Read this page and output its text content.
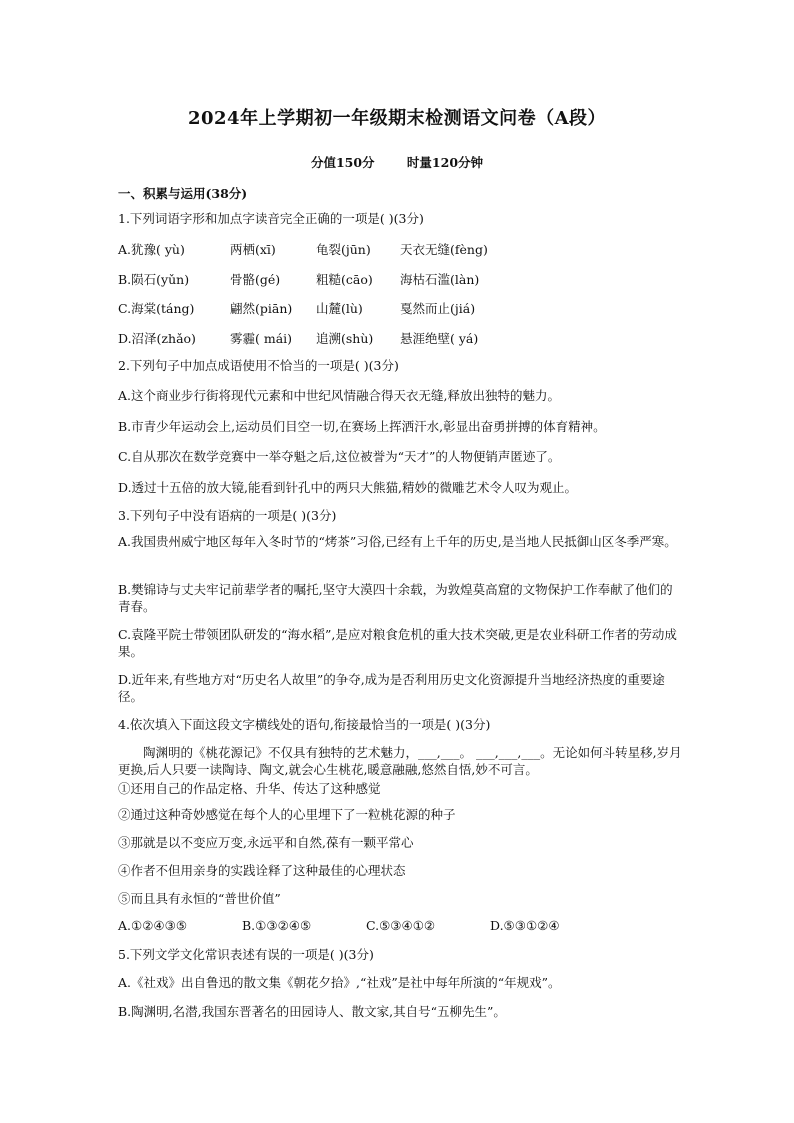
2024年上学期初一年级期末检测语文问卷（A段）
分值150分	时量120分钟
一、积累与运用(38分)
1.下列词语字形和加点字读音完全正确的一项是( )(3分)
A.犹豫( yù)	两栖(xī)	龟裂(jūn) 天衣无缝(fèng)
B.陨石(yǔn)	骨骼(gé)	粗糙(cāo) 海枯石滥(làn)
C.海棠(táng)	翩然(piān) 山麓(lù)	戛然而止(jiá)
D.沼泽(zhǎo)	雾霾( mái) 追溯(shù) 悬涯绝壁( yá)
2.下列句子中加点成语使用不恰当的一项是( )(3分)
A.这个商业步行街将现代元素和中世纪风情融合得天衣无缝,释放出独特的魅力。
B.市青少年运动会上,运动员们目空一切,在赛场上挥洒汗水,彰显出奋勇拼搏的体育精神。
C.自从那次在数学竞赛中一举夺魁之后,这位被誉为“天才”的人物便销声匿迹了。
D.透过十五倍的放大镜,能看到针孔中的两只大熊猫,精妙的微雕艺术令人叹为观止。
3.下列句子中没有语病的一项是( )(3分)
A.我国贵州威宁地区每年入冬时节的“烤茶”习俗,已经有上千年的历史,是当地人民抵御山区冬季严寒。
B.樊锦诗与丈夫牢记前辈学者的嘱托,坚守大漠四十余载，为敦煌莫高窟的文物保护工作奉献了他们的青春。
C.袁隆平院士带领团队研发的“海水稻”,是应对粮食危机的重大技术突破,更是农业科研工作者的劳动成果。
D.近年来,有些地方对“历史名人故里”的争夺,成为是否利用历史文化资源提升当地经济热度的重要途径。
4.依次填入下面这段文字横线处的语句,衔接最恰当的一项是( )(3分)
陶渊明的《桃花源记》不仅具有独特的艺术魅力，___,___。 ___,___,___。无论如何斗转星移,岁月更换,后人只要一读陶诗、陶文,就会心生桃花,暖意融融,悠然自悟,妙不可言。
①还用自己的作品定格、升华、传达了这种感觉
②通过这种奇妙感觉在每个人的心里埋下了一粒桃花源的种子
③那就是以不变应万变,永远平和自然,葆有一颗平常心
④作者不但用亲身的实践诠释了这种最佳的心理状态
⑤而且具有永恒的“普世价值”
A.①②④③⑤	B.①③②④⑤	C.⑤③④①②	D.⑤③①②④
5.下列文学文化常识表述有误的一项是( )(3分)
A.《社戏》出自鲁迅的散文集《朝花夕拾》,“社戏”是社中每年所演的“年规戏”。
B.陶渊明,名潜,我国东晋著名的田园诗人、散文家,其自号“五柳先生”。
